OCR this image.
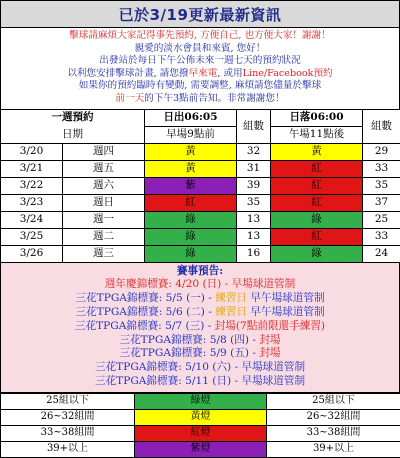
已於3/19更新最新資訊
擊球請麻煩大家記得事先預約, 方便自己, 也方便大家！謝謝！
親愛的淡水會員和來賓, 您好！
出發站於每日下午公佈未來一週七天的預約狀況
以利您安排擊球計畫, 請您撥早來電, 或用Line/Facebook預約
如果你的預約臨時有變動, 需要調整, 麻煩請您儘量於擊球
前一天的下午3點前告知。非常謝謝您！
一週預約		日出06:05	組數	日落06:00	組數
日期		早場9點前		午場11點後	
3/20	週四	黃	32	黃	29
3/21	週五	黃	31	紅	33
3/22	週六	紫	39	紅	35
3/23	週日	紅	35	紅	37
3/24	週一	綠	13	綠	25
3/25	週二	綠	13	紅	33
3/26	週三	綠	16	綠	24
賽事預告:
週年慶錦標賽: 4/20 (日) - 早場球道管制
三花TPGA錦標賽: 5/5 (一) - 練習日 早午場球道管制
三花TPGA錦標賽: 5/6 (二) - 練習日 早午場球道管制
三花TPGA錦標賽: 5/7 (三) - 封場(7點前限還手練習)
三花TPGA錦標賽: 5/8 (四) - 封場
三花TPGA錦標賽: 5/9 (五) - 封場
三花TPGA錦標賽: 5/10 (六) - 早場球道管制
三花TPGA錦標賽: 5/11 (日) - 早場球道管制
25組以下	綠燈	25組以下
26~32組間	黃燈	26~32組間
33~38組間	紅燈	33~38組間
39+以上	紫燈	39+以上
